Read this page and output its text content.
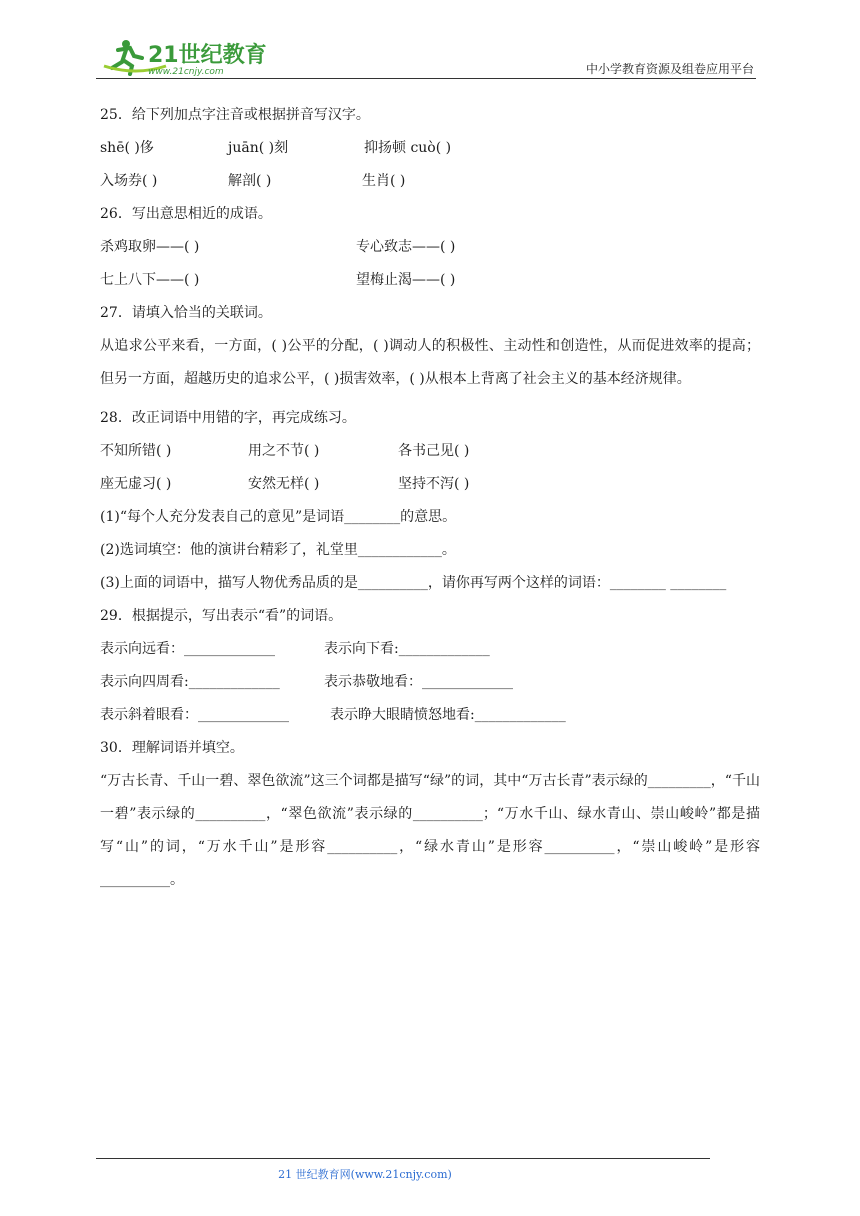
21世纪教育
www.21cnjy.com	中小学教育资源及组卷应用平台
25．给下列加点字注音或根据拼音写汉字。
shē( )侈	juān( )刻	抑扬顿 cuò( )
入场券( )	解剖( )	生肖( )
26．写出意思相近的成语。
杀鸡取卵——( )	专心致志——( )
七上八下——( )	望梅止渴——( )
27．请填入恰当的关联词。
从追求公平来看，一方面，( )公平的分配，( )调动人的积极性、主动性和创造性，从而促进效率的提高；但另一方面，超越历史的追求公平，( )损害效率，( )从根本上背离了社会主义的基本经济规律。
28．改正词语中用错的字，再完成练习。
不知所错( )	用之不节( )	各书己见( )
座无虚习( )	安然无样( )	坚持不泻( )
(1)“每个人充分发表自己的意见”是词语________的意思。
(2)选词填空：他的演讲台精彩了，礼堂里____________。
(3)上面的词语中，描写人物优秀品质的是__________，请你再写两个这样的词语：________ ________
29．根据提示，写出表示“看”的词语。
表示向远看：_____________	表示向下看:_____________
表示向四周看:_____________	表示恭敬地看：_____________
表示斜着眼看：_____________	表示睁大眼睛愤怒地看:_____________
30．理解词语并填空。
“万古长青、千山一碧、翠色欲流”这三个词都是描写“绿”的词，其中“万古长青”表示绿的_________，“千山一碧”表示绿的__________，“翠色欲流”表示绿的__________；“万水千山、绿水青山、崇山峻岭”都是描写“山”的词，“万水千山”是形容__________，“绿水青山”是形容__________，“崇山峻岭”是形容__________。
21 世纪教育网(www.21cnjy.com)
